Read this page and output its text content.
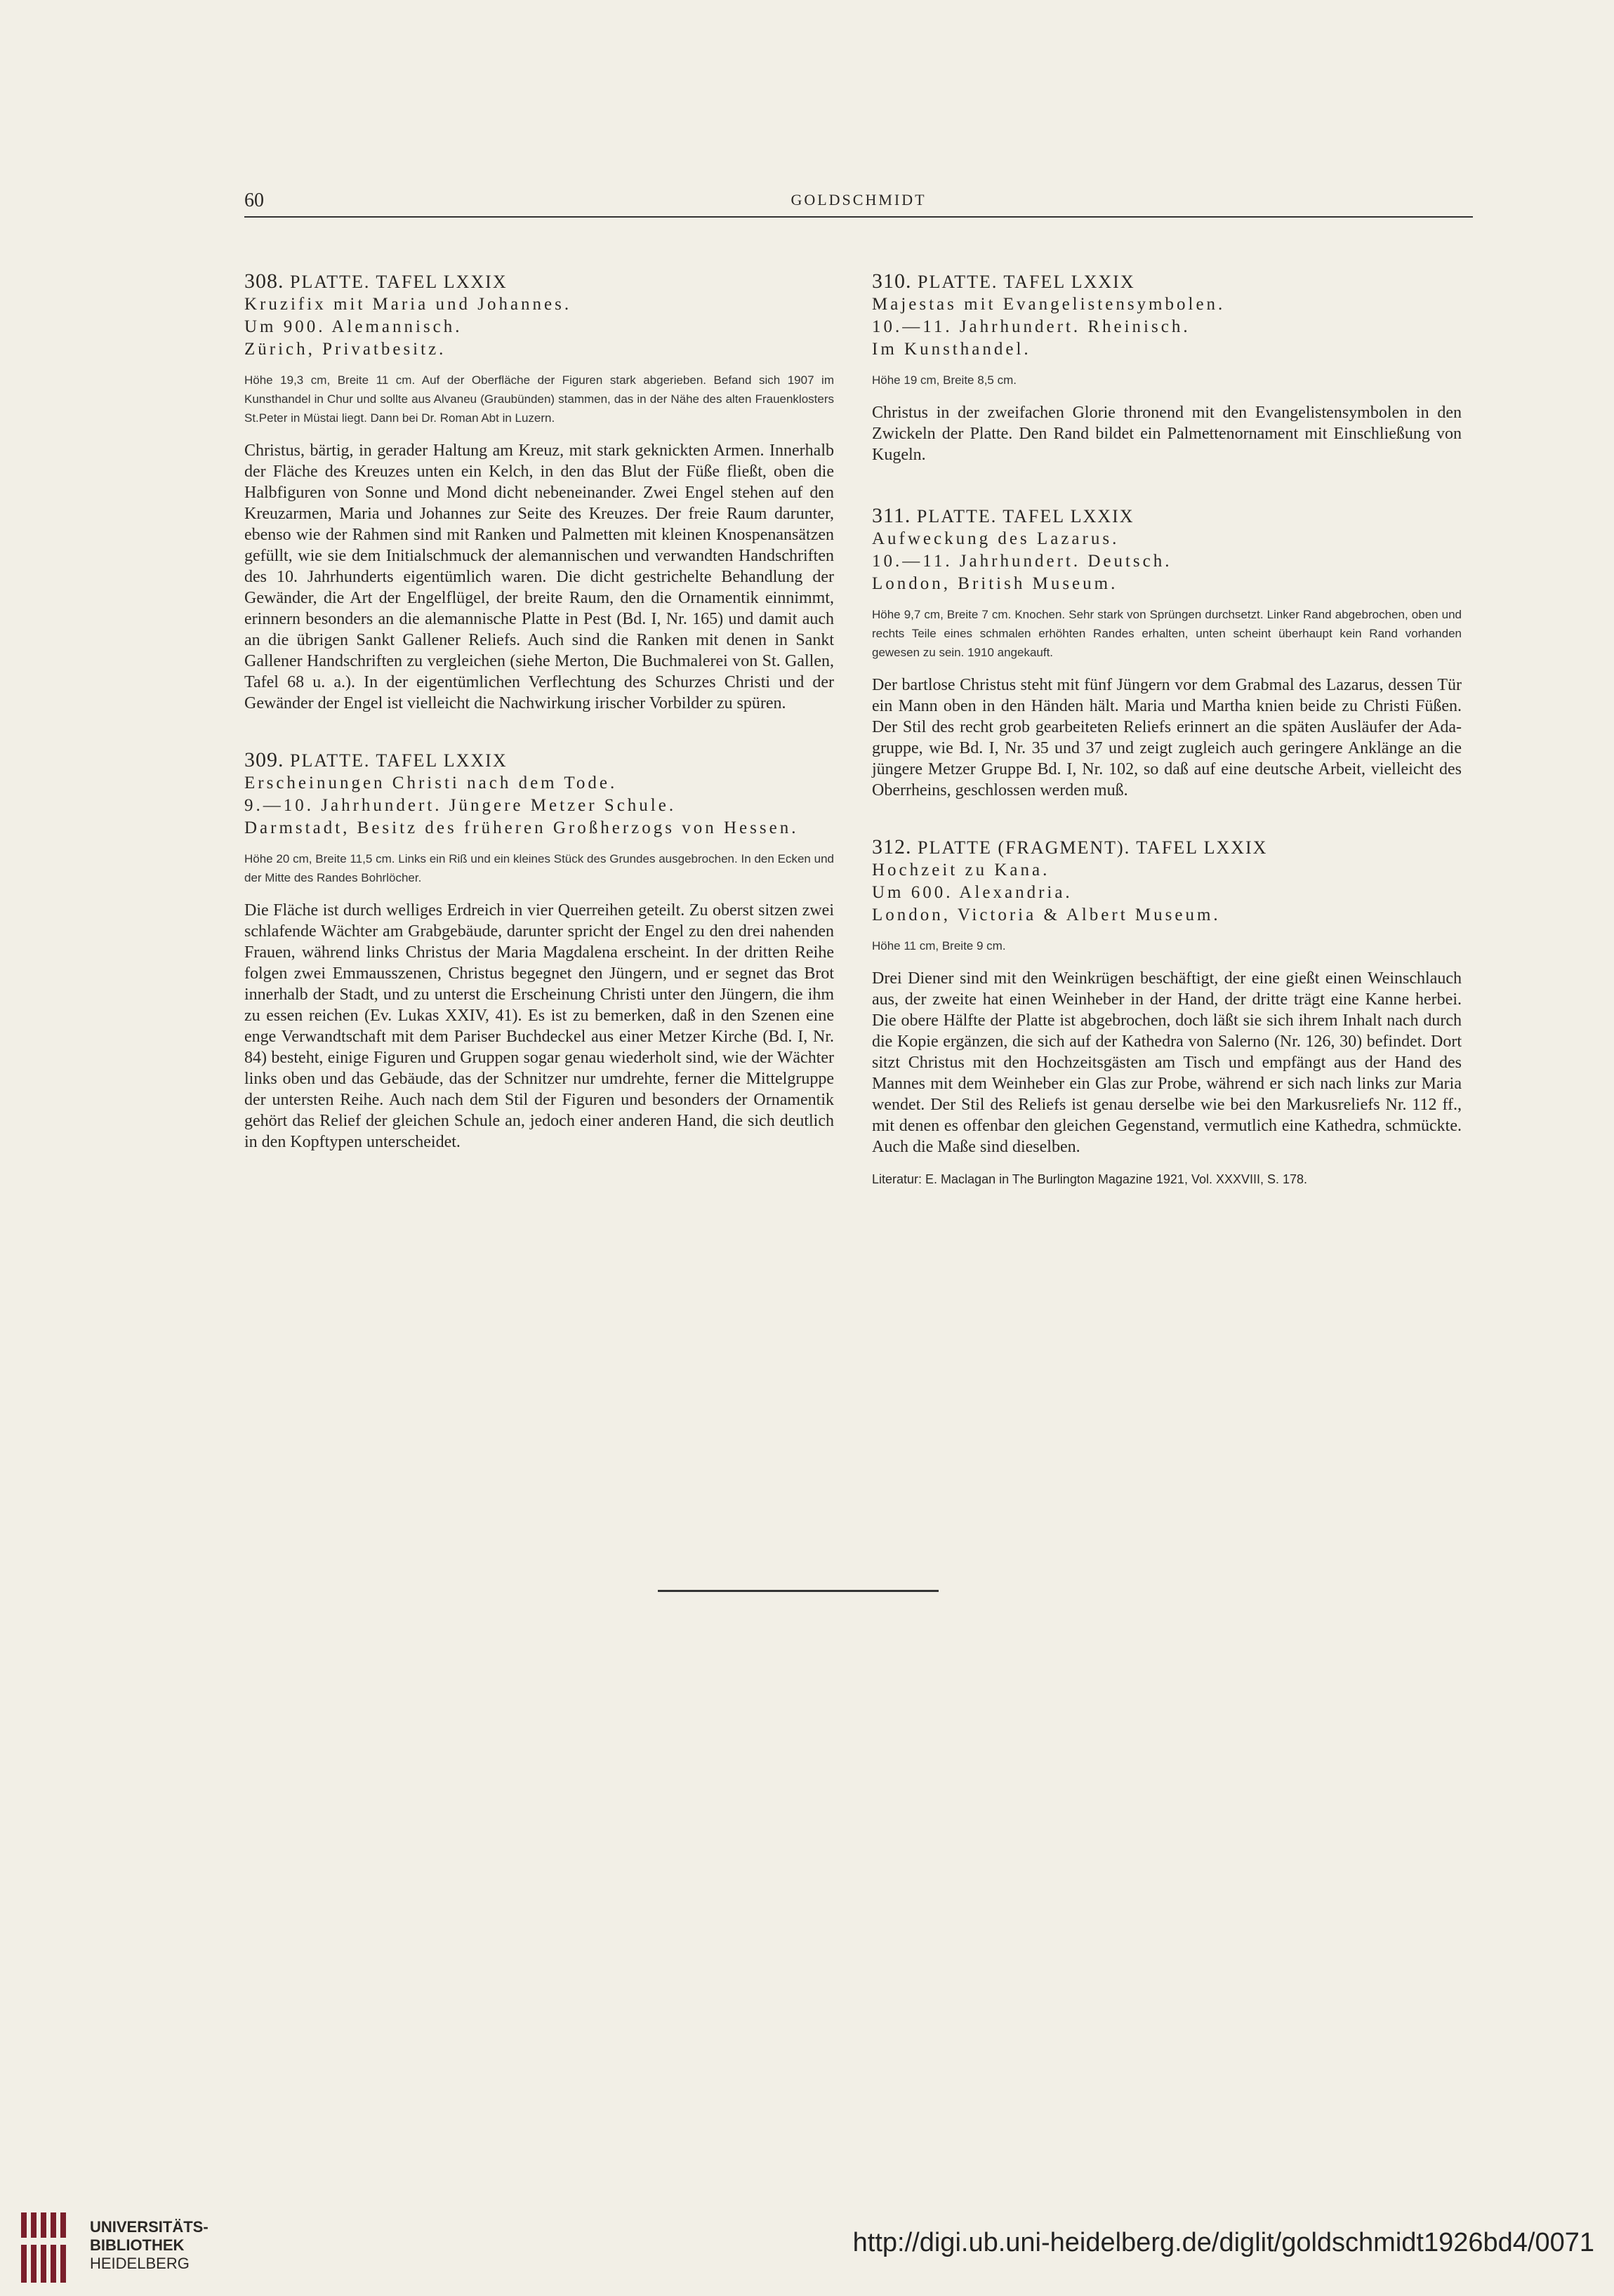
60	GOLDSCHMIDT
308. PLATTE. TAFEL LXXIX
Kruzifix mit Maria und Johannes.
Um 900. Alemannisch.
Zürich, Privatbesitz.
Höhe 19,3 cm, Breite 11 cm. Auf der Oberfläche der Figuren stark abgerieben. Befand sich 1907 im Kunsthandel in Chur und sollte aus Alvaneu (Graubünden) stammen, das in der Nähe des alten Frauenklosters St.Peter in Müstai liegt. Dann bei Dr. Roman Abt in Luzern.
Christus, bärtig, in gerader Haltung am Kreuz, mit stark geknickten Armen. Innerhalb der Fläche des Kreuzes unten ein Kelch, in den das Blut der Füße fließt, oben die Halbfiguren von Sonne und Mond dicht nebeneinander. Zwei Engel stehen auf den Kreuzarmen, Maria und Johannes zur Seite des Kreuzes. Der freie Raum darunter, ebenso wie der Rahmen sind mit Ranken und Palmetten mit kleinen Knospenansätzen gefüllt, wie sie dem Initialschmuck der alemannischen und verwandten Handschriften des 10. Jahrhunderts eigentümlich waren. Die dicht gestrichelte Behandlung der Gewänder, die Art der Engelflügel, der breite Raum, den die Ornamentik einnimmt, erinnern besonders an die alemannische Platte in Pest (Bd. I, Nr. 165) und damit auch an die übrigen Sankt Gallener Reliefs. Auch sind die Ranken mit denen in Sankt Gallener Handschriften zu vergleichen (siehe Merton, Die Buchmalerei von St. Gallen, Tafel 68 u. a.). In der eigentümlichen Verflechtung des Schurzes Christi und der Gewänder der Engel ist vielleicht die Nachwirkung irischer Vorbilder zu spüren.
309. PLATTE. TAFEL LXXIX
Erscheinungen Christi nach dem Tode.
9.—10. Jahrhundert. Jüngere Metzer Schule.
Darmstadt, Besitz des früheren Großherzogs von Hessen.
Höhe 20 cm, Breite 11,5 cm. Links ein Riß und ein kleines Stück des Grundes ausgebrochen. In den Ecken und der Mitte des Randes Bohrlöcher.
Die Fläche ist durch welliges Erdreich in vier Querreihen geteilt. Zu oberst sitzen zwei schlafende Wächter am Grabgebäude, darunter spricht der Engel zu den drei nahenden Frauen, während links Christus der Maria Magdalena erscheint. In der dritten Reihe folgen zwei Emmausszenen, Christus begegnet den Jüngern, und er segnet das Brot innerhalb der Stadt, und zu unterst die Erscheinung Christi unter den Jüngern, die ihm zu essen reichen (Ev. Lukas XXIV, 41). Es ist zu bemerken, daß in den Szenen eine enge Verwandtschaft mit dem Pariser Buchdeckel aus einer Metzer Kirche (Bd. I, Nr. 84) besteht, einige Figuren und Gruppen sogar genau wiederholt sind, wie der Wächter links oben und das Gebäude, das der Schnitzer nur umdrehte, ferner die Mittelgruppe der untersten Reihe. Auch nach dem Stil der Figuren und besonders der Ornamentik gehört das Relief der gleichen Schule an, jedoch einer anderen Hand, die sich deutlich in den Kopftypen unterscheidet.
310. PLATTE. TAFEL LXXIX
Majestas mit Evangelistensymbolen.
10.—11. Jahrhundert. Rheinisch.
Im Kunsthandel.
Höhe 19 cm, Breite 8,5 cm.
Christus in der zweifachen Glorie thronend mit den Evangelistensymbolen in den Zwickeln der Platte. Den Rand bildet ein Palmettenornament mit Einschließung von Kugeln.
311. PLATTE. TAFEL LXXIX
Aufweckung des Lazarus.
10.—11. Jahrhundert. Deutsch.
London, British Museum.
Höhe 9,7 cm, Breite 7 cm. Knochen. Sehr stark von Sprüngen durchsetzt. Linker Rand abgebrochen, oben und rechts Teile eines schmalen erhöhten Randes erhalten, unten scheint überhaupt kein Rand vorhanden gewesen zu sein. 1910 angekauft.
Der bartlose Christus steht mit fünf Jüngern vor dem Grabmal des Lazarus, dessen Tür ein Mann oben in den Händen hält. Maria und Martha knien beide zu Christi Füßen. Der Stil des recht grob gearbeiteten Reliefs erinnert an die späten Ausläufer der Ada-gruppe, wie Bd. I, Nr. 35 und 37 und zeigt zugleich auch geringere Anklänge an die jüngere Metzer Gruppe Bd. I, Nr. 102, so daß auf eine deutsche Arbeit, vielleicht des Oberrheins, geschlossen werden muß.
312. PLATTE (FRAGMENT). TAFEL LXXIX
Hochzeit zu Kana.
Um 600. Alexandria.
London, Victoria & Albert Museum.
Höhe 11 cm, Breite 9 cm.
Drei Diener sind mit den Weinkrügen beschäftigt, der eine gießt einen Weinschlauch aus, der zweite hat einen Weinheber in der Hand, der dritte trägt eine Kanne herbei. Die obere Hälfte der Platte ist abgebrochen, doch läßt sie sich ihrem Inhalt nach durch die Kopie ergänzen, die sich auf der Kathedra von Salerno (Nr. 126, 30) befindet. Dort sitzt Christus mit den Hochzeitsgästen am Tisch und empfängt aus der Hand des Mannes mit dem Weinheber ein Glas zur Probe, während er sich nach links zur Maria wendet. Der Stil des Reliefs ist genau derselbe wie bei den Markusreliefs Nr. 112 ff., mit denen es offenbar den gleichen Gegenstand, vermutlich eine Kathedra, schmückte. Auch die Maße sind dieselben.
Literatur: E. Maclagan in The Burlington Magazine 1921, Vol. XXXVIII, S. 178.
UNIVERSITÄTS-
BIBLIOTHEK
HEIDELBERG
http://digi.ub.uni-heidelberg.de/diglit/goldschmidt1926bd4/0071
